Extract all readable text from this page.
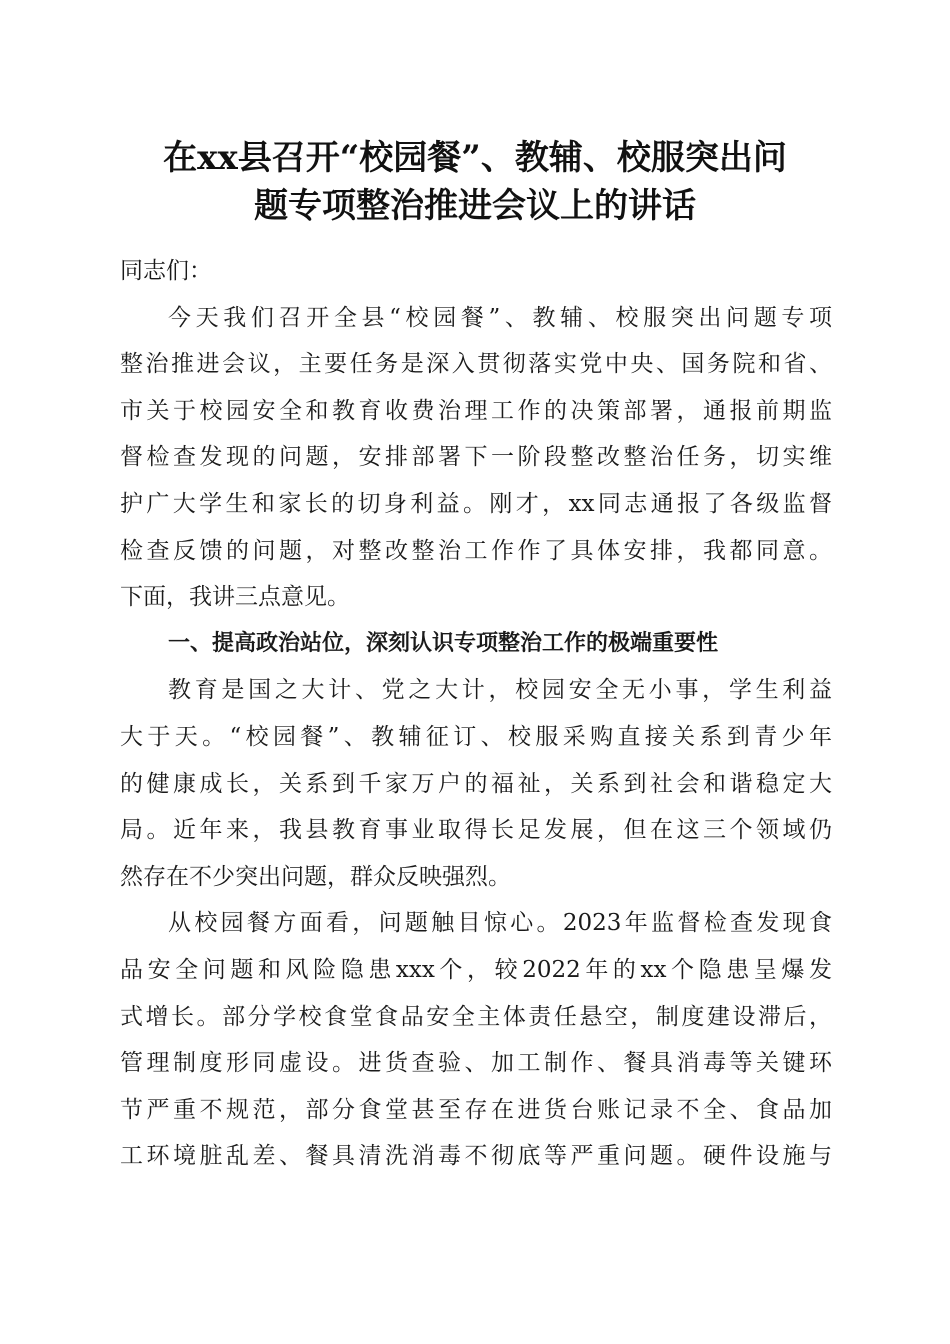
在xx县召开“校园餐”、教辅、校服突出问
题专项整治推进会议上的讲话
同志们：
今天我们召开全县“校园餐”、教辅、校服突出问题专项
整治推进会议，主要任务是深入贯彻落实党中央、国务院和省、
市关于校园安全和教育收费治理工作的决策部署，通报前期监
督检查发现的问题，安排部署下一阶段整改整治任务，切实维
护广大学生和家长的切身利益。刚才，xx同志通报了各级监督
检查反馈的问题，对整改整治工作作了具体安排，我都同意。
下面，我讲三点意见。
一、提高政治站位，深刻认识专项整治工作的极端重要性
教育是国之大计、党之大计，校园安全无小事，学生利益
大于天。“校园餐”、教辅征订、校服采购直接关系到青少年
的健康成长，关系到千家万户的福祉，关系到社会和谐稳定大
局。近年来，我县教育事业取得长足发展，但在这三个领域仍
然存在不少突出问题，群众反映强烈。
从校园餐方面看，问题触目惊心。2023年监督检查发现食
品安全问题和风险隐患xxx个，较2022年的xx个隐患呈爆发
式增长。部分学校食堂食品安全主体责任悬空，制度建设滞后，
管理制度形同虚设。进货查验、加工制作、餐具消毒等关键环
节严重不规范，部分食堂甚至存在进货台账记录不全、食品加
工环境脏乱差、餐具清洗消毒不彻底等严重问题。硬件设施与
